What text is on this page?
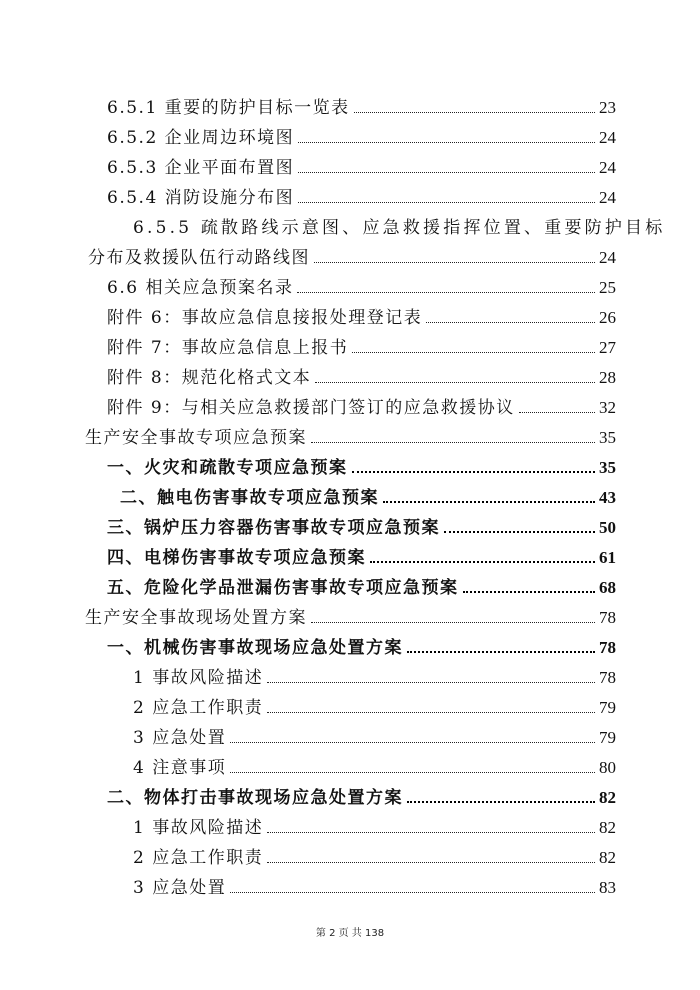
6.5.1 重要的防护目标一览表	23
6.5.2 企业周边环境图	24
6.5.3 企业平面布置图	24
6.5.4 消防设施分布图	24
6.5.5 疏散路线示意图、应急救援指挥位置、重要防护目标
分布及救援队伍行动路线图	24
6.6 相关应急预案名录	25
附件 6：事故应急信息接报处理登记表	26
附件 7：事故应急信息上报书	27
附件 8：规范化格式文本	28
附件 9：与相关应急救援部门签订的应急救援协议	32
生产安全事故专项应急预案	35
一、火灾和疏散专项应急预案	35
二、触电伤害事故专项应急预案	43
三、锅炉压力容器伤害事故专项应急预案	50
四、电梯伤害事故专项应急预案	61
五、危险化学品泄漏伤害事故专项应急预案	68
生产安全事故现场处置方案	78
一、机械伤害事故现场应急处置方案	78
1 事故风险描述	78
2 应急工作职责	79
3 应急处置	79
4 注意事项	80
二、物体打击事故现场应急处置方案	82
1 事故风险描述	82
2 应急工作职责	82
3 应急处置	83
第 2 页 共 138
